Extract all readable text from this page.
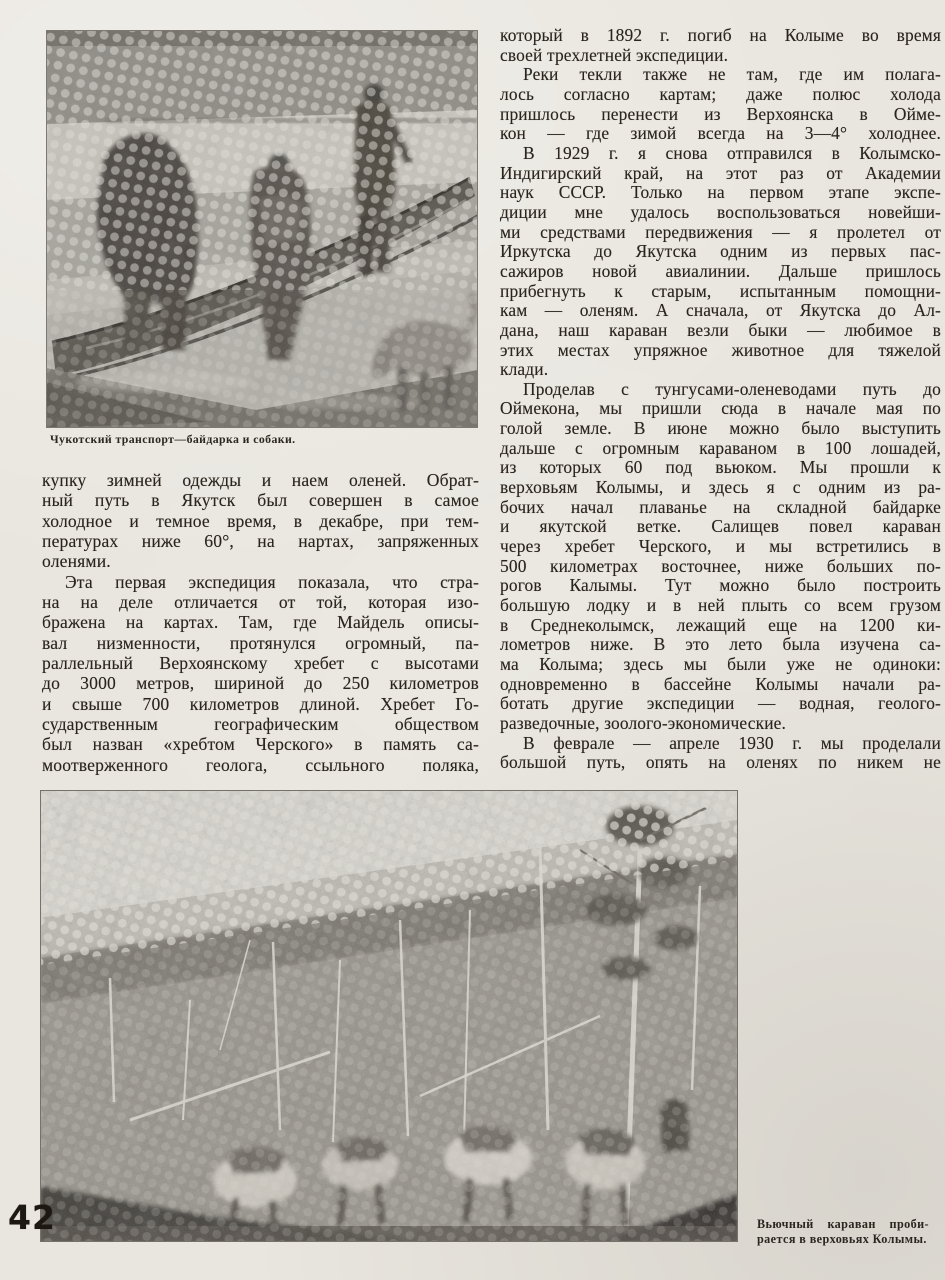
Чукотский транспорт—байдарка и собаки.
купку зимней одежды и наем оленей. Обрат-
ный путь в Якутск был совершен в самое
холодное и темное время, в декабре, при тем-
пературах ниже 60°, на нартах, запряженных
оленями.
Эта первая экспедиция показала, что стра-
на на деле отличается от той, которая изо-
бражена на картах. Там, где Майдель описы-
вал низменности, протянулся огромный, па-
раллельный Верхоянскому хребет с высотами
до 3000 метров, шириной до 250 километров
и свыше 700 километров длиной. Хребет Го-
сударственным географическим обществом
был назван «хребтом Черского» в память са-
моотверженного геолога, ссыльного поляка,
который в 1892 г. погиб на Колыме во время
своей трехлетней экспедиции.
Реки текли также не там, где им полага-
лось согласно картам; даже полюс холода
пришлось перенести из Верхоянска в Ойме-
кон — где зимой всегда на 3—4° холоднее.
В 1929 г. я снова отправился в Колымско-
Индигирский край, на этот раз от Академии
наук СССР. Только на первом этапе экспе-
диции мне удалось воспользоваться новейши-
ми средствами передвижения — я пролетел от
Иркутска до Якутска одним из первых пас-
сажиров новой авиалинии. Дальше пришлось
прибегнуть к старым, испытанным помощни-
кам — оленям. А сначала, от Якутска до Ал-
дана, наш караван везли быки — любимое в
этих местах упряжное животное для тяжелой
клади.
Проделав с тунгусами-оленеводами путь до
Оймекона, мы пришли сюда в начале мая по
голой земле. В июне можно было выступить
дальше с огромным караваном в 100 лошадей,
из которых 60 под вьюком. Мы прошли к
верховьям Колымы, и здесь я с одним из ра-
бочих начал плаванье на складной байдарке
и якутской ветке. Салищев повел караван
через хребет Черского, и мы встретились в
500 километрах восточнее, ниже больших по-
рогов Калымы. Тут можно было построить
большую лодку и в ней плыть со всем грузом
в Среднеколымск, лежащий еще на 1200 ки-
лометров ниже. В это лето была изучена са-
ма Колыма; здесь мы были уже не одиноки:
одновременно в бассейне Колымы начали ра-
ботать другие экспедиции — водная, геолого-
разведочные, зоолого-экономические.
В феврале — апреле 1930 г. мы проделали
большой путь, опять на оленях по никем не
Вьючный караван проби-
рается в верховьях Колымы.
42
